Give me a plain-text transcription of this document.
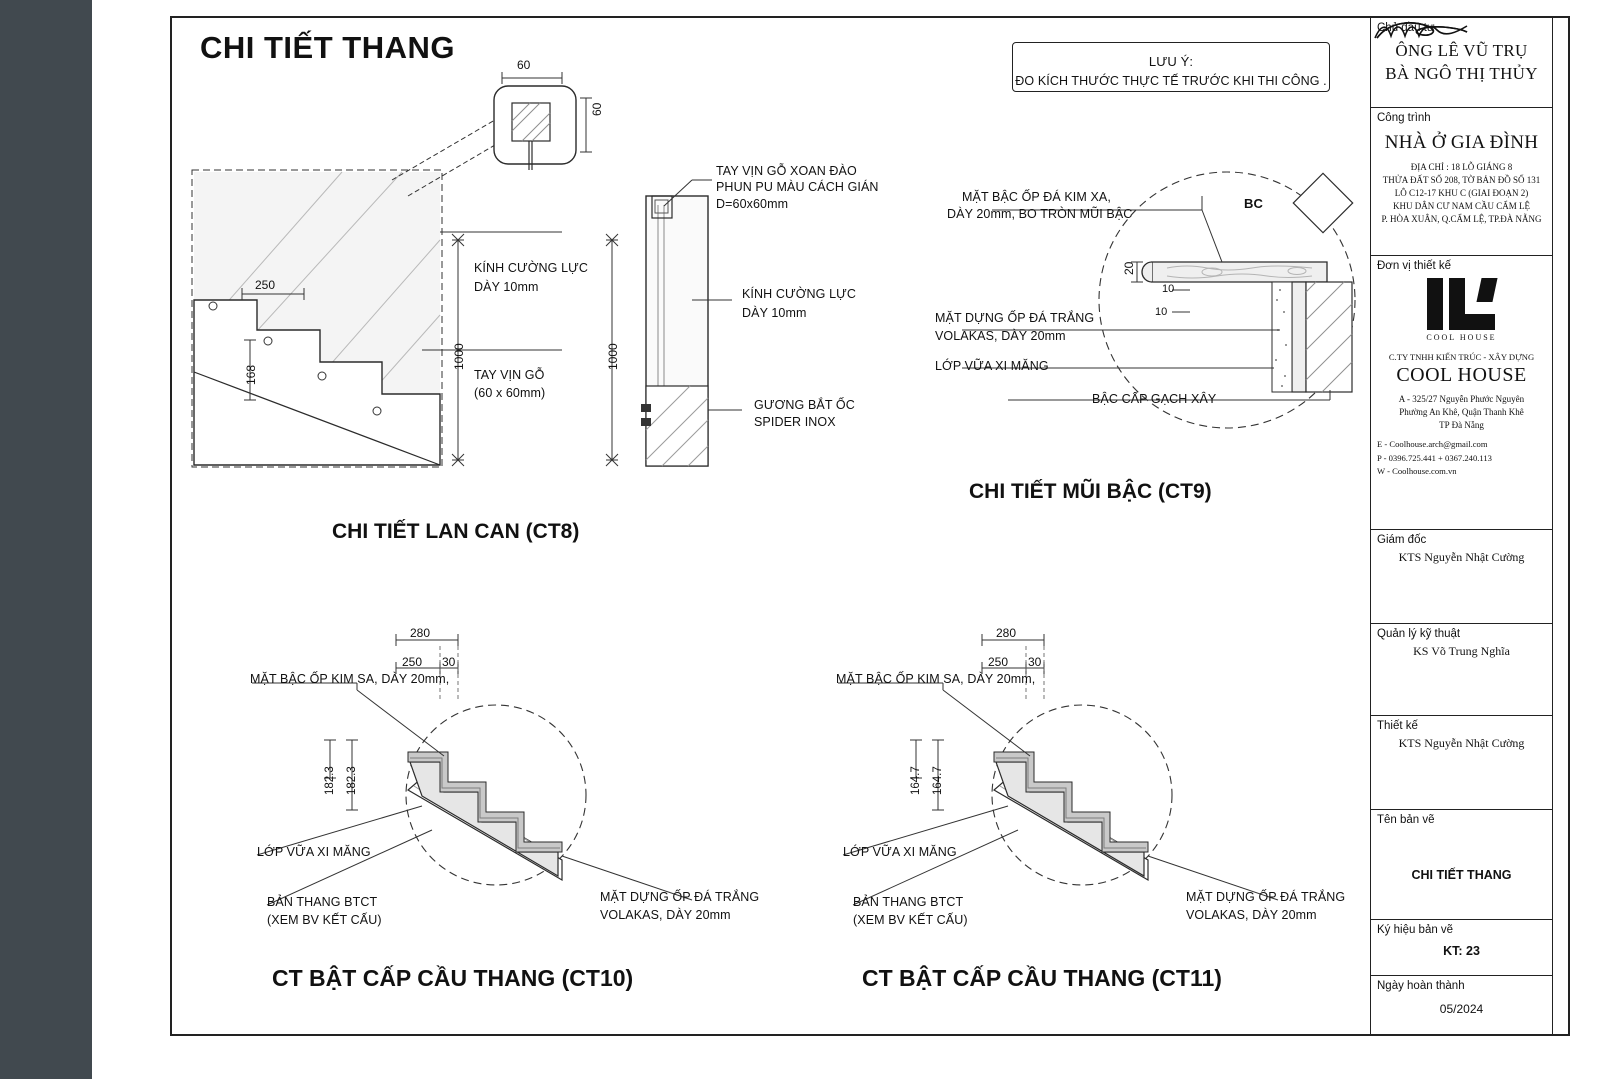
CHI TIẾT THANG	LƯU Ý:
ĐO KÍCH THƯỚC THỰC TẾ TRƯỚC KHI THI CÔNG .
60
60
250
168
1000	1000
TAY VỊN GỖ XOAN ĐÀO
PHUN PU MÀU CÁCH GIÁN
D=60x60mm
KÍNH CƯỜNG LỰC
DÀY 10mm	KÍNH CƯỜNG LỰC
DÀY 10mm
TAY VỊN GỖ
(60 x 60mm)
GƯƠNG BẮT ỐC
SPIDER INOX
CHI TIẾT LAN CAN (CT8)
BC
MẶT BẬC ỐP ĐÁ KIM XA,
DÀY 20mm, BO TRÒN MŨI BẬC
MẶT DỰNG ỐP ĐÁ TRẮNG
VOLAKAS, DÀY 20mm
LỚP VỮA XI MĂNG
BẬC CẤP GẠCH XÂY
20
10
10
CHI TIẾT MŨI BẬC (CT9)
280
250 30
182.3 182.3
MẶT BẬC ỐP KIM SA, DÀY 20mm,
LỚP VỮA XI MĂNG
BẢN THANG BTCT
(XEM BV KẾT CẤU)
MẶT DỰNG ỐP ĐÁ TRẮNG
VOLAKAS, DÀY 20mm
CT BẬT CẤP CẦU THANG (CT10)
280
250 30
164.7 164.7
MẶT BẬC ỐP KIM SA, DÀY 20mm,
LỚP VỮA XI MĂNG
BẢN THANG BTCT
(XEM BV KẾT CẤU)
MẶT DỰNG ỐP ĐÁ TRẮNG
VOLAKAS, DÀY 20mm
CT BẬT CẤP CẦU THANG (CT11)
Chủ đầu tư
ÔNG LÊ VŨ TRỤ
BÀ NGÔ THỊ THỦY
Công trình
NHÀ Ở GIA ĐÌNH
ĐỊA CHỈ : 18 LỖ GIÁNG 8
THỬA ĐẤT SỐ 208, TỜ BẢN ĐỒ SỐ 131
LÔ C12-17 KHU C (GIAI ĐOẠN 2)
KHU DÂN CƯ NAM CẦU CẨM LỆ
P. HÒA XUÂN, Q.CẨM LỆ, TP.ĐÀ NẴNG
Đơn vị thiết kế
COOL HOUSE
C.TY TNHH KIẾN TRÚC - XÂY DỰNG
COOL HOUSE
A - 325/27 Nguyễn Phước Nguyên
Phường An Khê, Quận Thanh Khê
TP Đà Nẵng
E - Coolhouse.arch@gmail.com
P - 0396.725.441 + 0367.240.113
W - Coolhouse.com.vn
Giám đốc
KTS Nguyễn Nhật Cường
Quản lý kỹ thuật
KS Võ Trung Nghĩa
Thiết kế
KTS Nguyễn Nhật Cường
Tên bản vẽ
CHI TIẾT THANG
Ký hiệu bản vẽ
KT: 23
Ngày hoàn thành
05/2024
